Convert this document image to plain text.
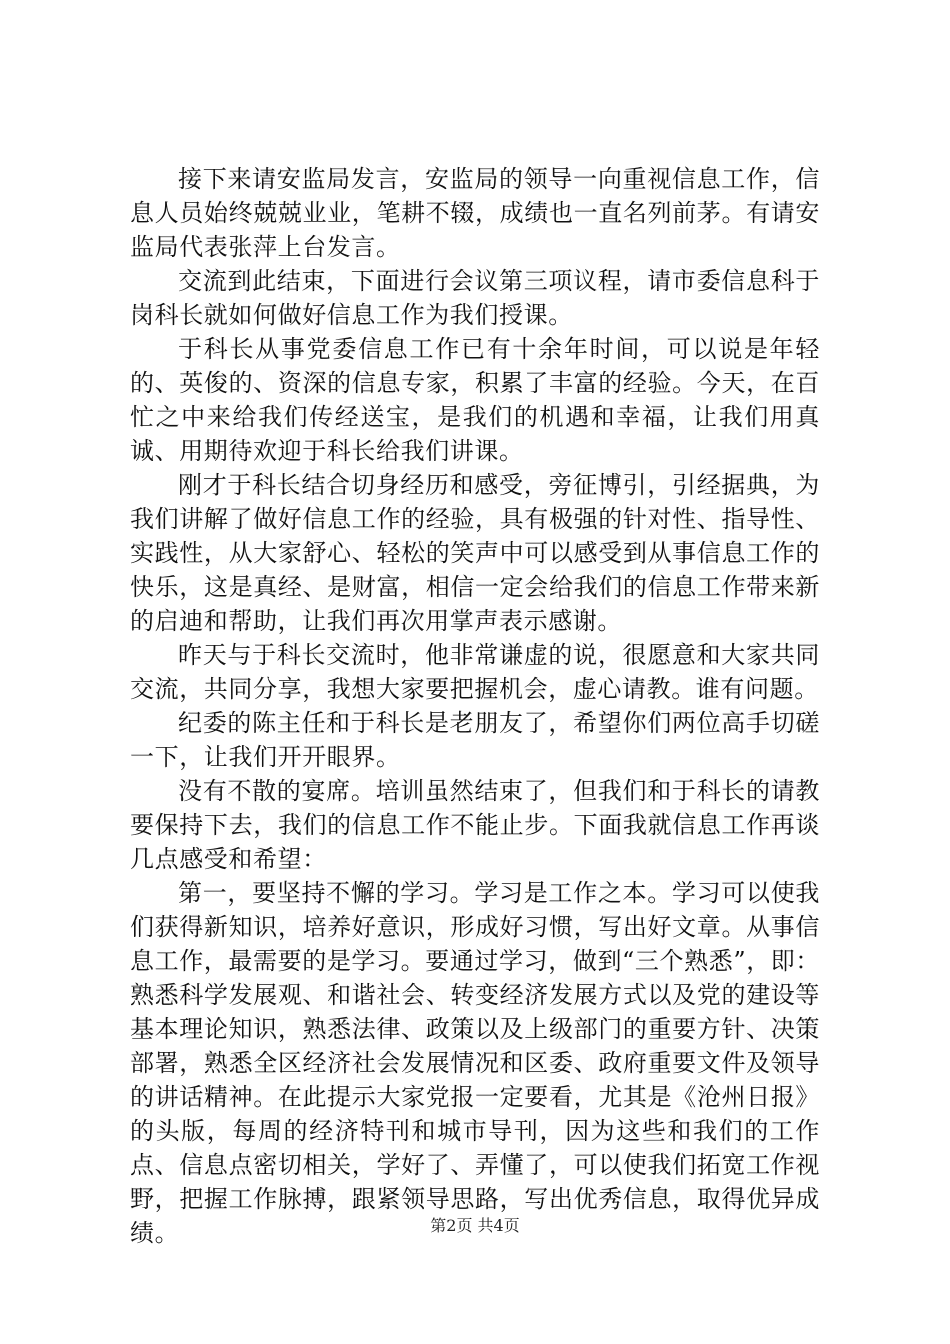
接下来请安监局发言，安监局的领导一向重视信息工作，信息人员始终兢兢业业，笔耕不辍，成绩也一直名列前茅。有请安监局代表张萍上台发言。

交流到此结束，下面进行会议第三项议程，请市委信息科于岗科长就如何做好信息工作为我们授课。

于科长从事党委信息工作已有十余年时间，可以说是年轻的、英俊的、资深的信息专家，积累了丰富的经验。今天，在百忙之中来给我们传经送宝，是我们的机遇和幸福，让我们用真诚、用期待欢迎于科长给我们讲课。

刚才于科长结合切身经历和感受，旁征博引，引经据典，为我们讲解了做好信息工作的经验，具有极强的针对性、指导性、实践性，从大家舒心、轻松的笑声中可以感受到从事信息工作的快乐，这是真经、是财富，相信一定会给我们的信息工作带来新的启迪和帮助，让我们再次用掌声表示感谢。

昨天与于科长交流时，他非常谦虚的说，很愿意和大家共同交流，共同分享，我想大家要把握机会，虚心请教。谁有问题。

纪委的陈主任和于科长是老朋友了，希望你们两位高手切磋一下，让我们开开眼界。

没有不散的宴席。培训虽然结束了，但我们和于科长的请教要保持下去，我们的信息工作不能止步。下面我就信息工作再谈几点感受和希望：

第一，要坚持不懈的学习。学习是工作之本。学习可以使我们获得新知识，培养好意识，形成好习惯，写出好文章。从事信息工作，最需要的是学习。要通过学习，做到“三个熟悉”，即：熟悉科学发展观、和谐社会、转变经济发展方式以及党的建设等基本理论知识，熟悉法律、政策以及上级部门的重要方针、决策部署，熟悉全区经济社会发展情况和区委、政府重要文件及领导的讲话精神。在此提示大家党报一定要看，尤其是《沧州日报》的头版，每周的经济特刊和城市导刊，因为这些和我们的工作点、信息点密切相关，学好了、弄懂了，可以使我们拓宽工作视野，把握工作脉搏，跟紧领导思路，写出优秀信息，取得优异成绩。	第2页 共4页
